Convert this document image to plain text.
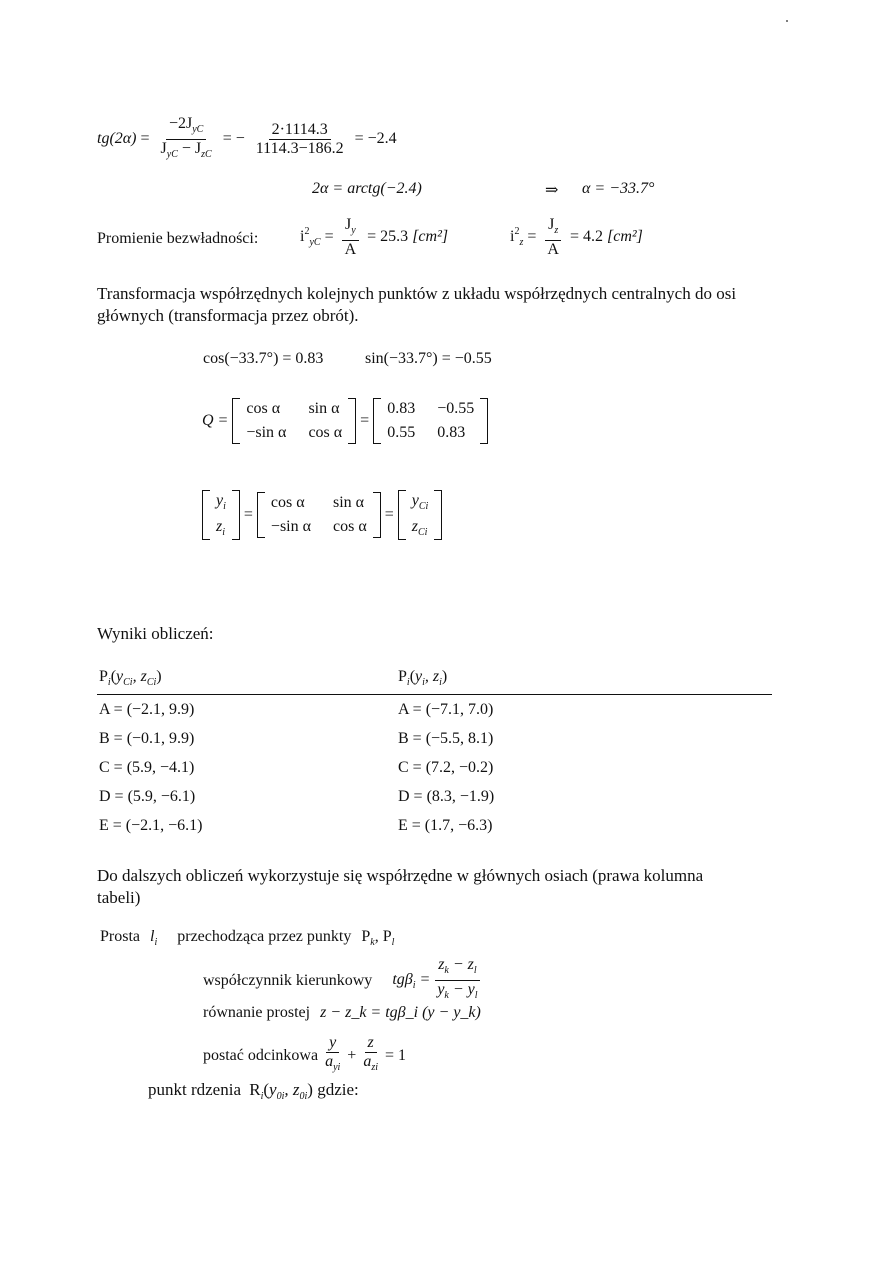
$tg(2\alpha) = \frac{-2J_{yC}}{J_{yC} - J_{zC}}$ = − $\frac{2\cdot 1114.3}{1114.3-186.2} = -2.4$
2α = arctg(−2.4)	⇒ α = −33.7°
Promienie bezwładności:	$i^2_{yC} = \frac{J_y}{A} = 25.3$ [cm²]	$i^2_z = \frac{J_z}{A} = 4.2$ [cm²]
Transformacja współrzędnych kolejnych punktów z układu współrzędnych centralnych do osi
głównych (transformacja przez obrót).
cos(−33.7°) = 0.83	sin(−33.7°) = −0.55
Q =
cos α	sin α
−sin α cos α
=
0.83 −0.55
0.55 0.83
$y_i$
$z_i$
=
cos α	sin α
−sin α cos α
=
$y_{Ci}$
$z_{Ci}$
Wyniki obliczeń:
$P_i(y_{Ci}$, $z_{Ci}$)	$P_i(y_i$, $z_i$)
A = (−2.1, 9.9)	A = (−7.1, 7.0)
B = (−0.1, 9.9)	B = (−5.5, 8.1)
C = (5.9, −4.1)	C = (7.2, −0.2)
D = (5.9, −6.1)	D = (8.3, −1.9)
E = (−2.1, −6.1)	E = (1.7, −6.3)
Do dalszych obliczeń wykorzystuje się współrzędne w głównych osiach (prawa kolumna
tabeli)
Prosta $l_i$ przechodząca przez punkty $P_k$, $P_l$
współczynnik kierunkowy $tg\beta_i = \frac{z_k - z_l}{y_k - y_l}$
równanie prostej z − z_k = tgβ_i (y − y_k)
postać odcinkowa $\frac{y}{a_{yi}} + \frac{z}{a_{zi}} = 1$
punkt rdzenia $R_i(y_{0i}$, $z_{0i}$) gdzie:
